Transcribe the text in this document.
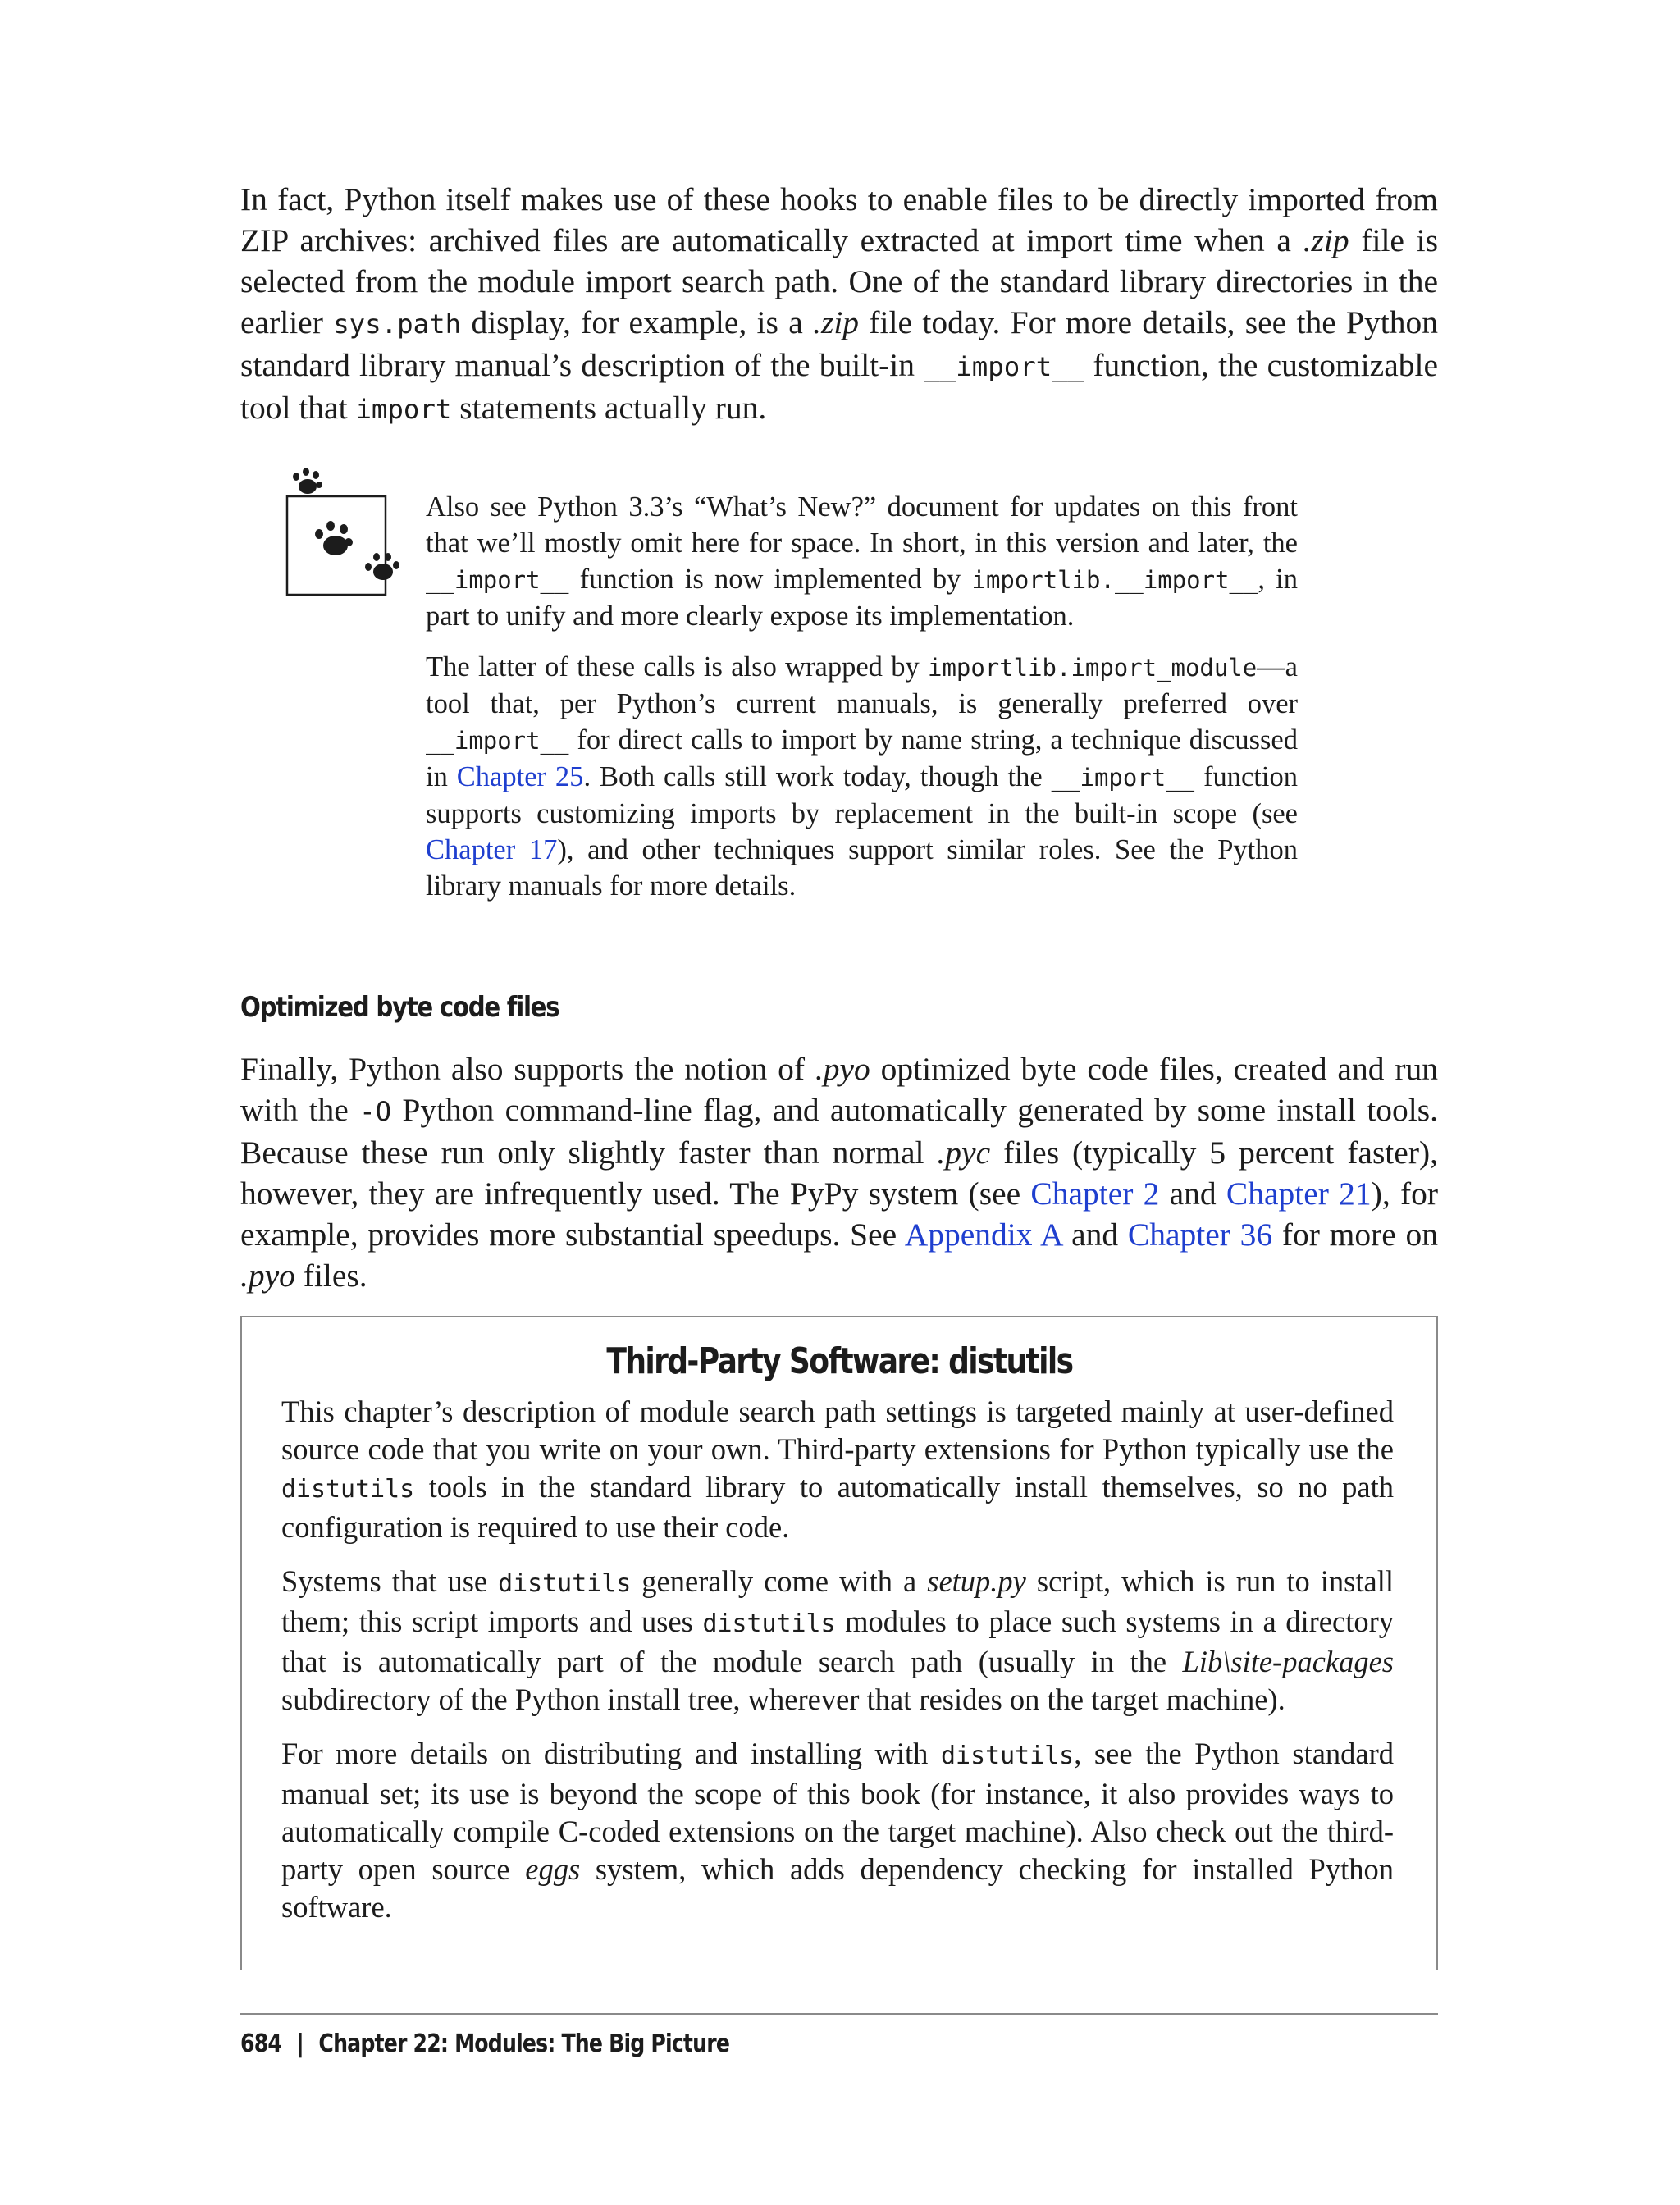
In fact, Python itself makes use of these hooks to enable files to be directly imported from ZIP archives: archived files are automatically extracted at import time when a .zip file is selected from the module import search path. One of the standard library directories in the earlier sys.path display, for example, is a .zip file today. For more details, see the Python standard library manual’s description of the built-in __import__ function, the customizable tool that import statements actually run.

Also see Python 3.3’s “What’s New?” document for updates on this front that we’ll mostly omit here for space. In short, in this version and later, the __import__ function is now implemented by importlib.__import__, in part to unify and more clearly expose its implementation.

The latter of these calls is also wrapped by importlib.import_module—a tool that, per Python’s current manuals, is generally preferred over __import__ for direct calls to import by name string, a technique discussed in Chapter 25. Both calls still work today, though the __import__ function supports customizing imports by replacement in the built-in scope (see Chapter 17), and other techniques support similar roles. See the Python library manuals for more details.

Optimized byte code files

Finally, Python also supports the notion of .pyo optimized byte code files, created and run with the -O Python command-line flag, and automatically generated by some install tools. Because these run only slightly faster than normal .pyc files (typically 5 percent faster), however, they are infrequently used. The PyPy system (see Chapter 2 and Chapter 21), for example, provides more substantial speedups. See Appendix A and Chapter 36 for more on .pyo files.

Third-Party Software: distutils

This chapter’s description of module search path settings is targeted mainly at user-defined source code that you write on your own. Third-party extensions for Python typically use the distutils tools in the standard library to automatically install themselves, so no path configuration is required to use their code.

Systems that use distutils generally come with a setup.py script, which is run to install them; this script imports and uses distutils modules to place such systems in a directory that is automatically part of the module search path (usually in the Lib\site-packages subdirectory of the Python install tree, wherever that resides on the target machine).

For more details on distributing and installing with distutils, see the Python standard manual set; its use is beyond the scope of this book (for instance, it also provides ways to automatically compile C-coded extensions on the target machine). Also check out the third-party open source eggs system, which adds dependency checking for installed Python software.

684 | Chapter 22: Modules: The Big Picture
